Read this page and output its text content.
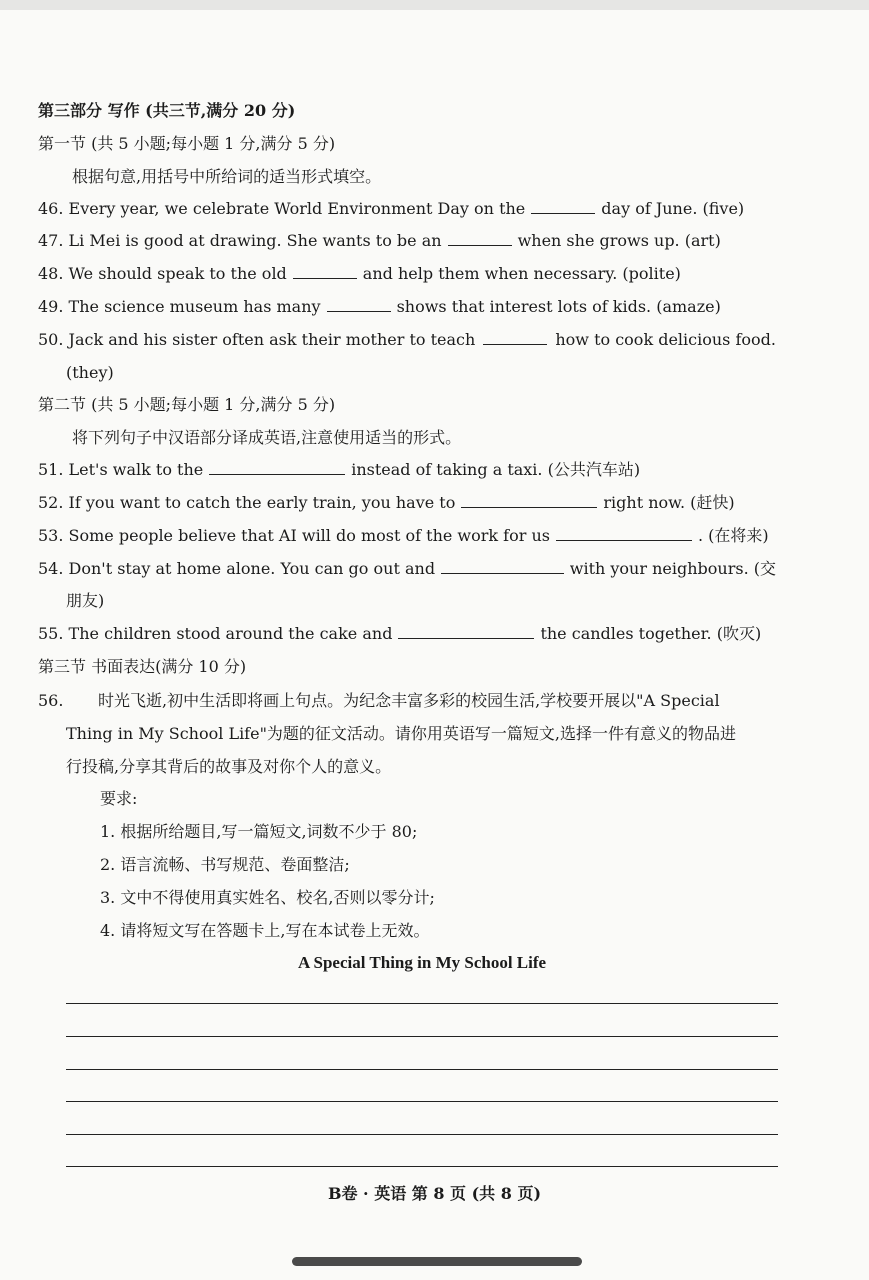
第三部分 写作 (共三节,满分 20 分)
第一节 (共 5 小题;每小题 1 分,满分 5 分)
根据句意,用括号中所给词的适当形式填空。
46. Every year, we celebrate World Environment Day on the	day of June. (five)
47. Li Mei is good at drawing. She wants to be an	when she grows up. (art)
48. We should speak to the old	and help them when necessary. (polite)
49. The science museum has many	shows that interest lots of kids. (amaze)
50. Jack and his sister often ask their mother to teach	how to cook delicious food.
(they)
第二节 (共 5 小题;每小题 1 分,满分 5 分)
将下列句子中汉语部分译成英语,注意使用适当的形式。
51. Let's walk to the	instead of taking a taxi. (公共汽车站)
52. If you want to catch the early train, you have to	right now. (赶快)
53. Some people believe that AI will do most of the work for us	. (在将来)
54. Don't stay at home alone. You can go out and	with your neighbours. (交
朋友)
55. The children stood around the cake and	the candles together. (吹灭)
第三节 书面表达(满分 10 分)
56. 时光飞逝,初中生活即将画上句点。为纪念丰富多彩的校园生活,学校要开展以"A Special
Thing in My School Life"为题的征文活动。请你用英语写一篇短文,选择一件有意义的物品进
行投稿,分享其背后的故事及对你个人的意义。
要求:
1. 根据所给题目,写一篇短文,词数不少于 80;
2. 语言流畅、书写规范、卷面整洁;
3. 文中不得使用真实姓名、校名,否则以零分计;
4. 请将短文写在答题卡上,写在本试卷上无效。
A Special Thing in My School Life
B卷 · 英语 第 8 页 (共 8 页)
